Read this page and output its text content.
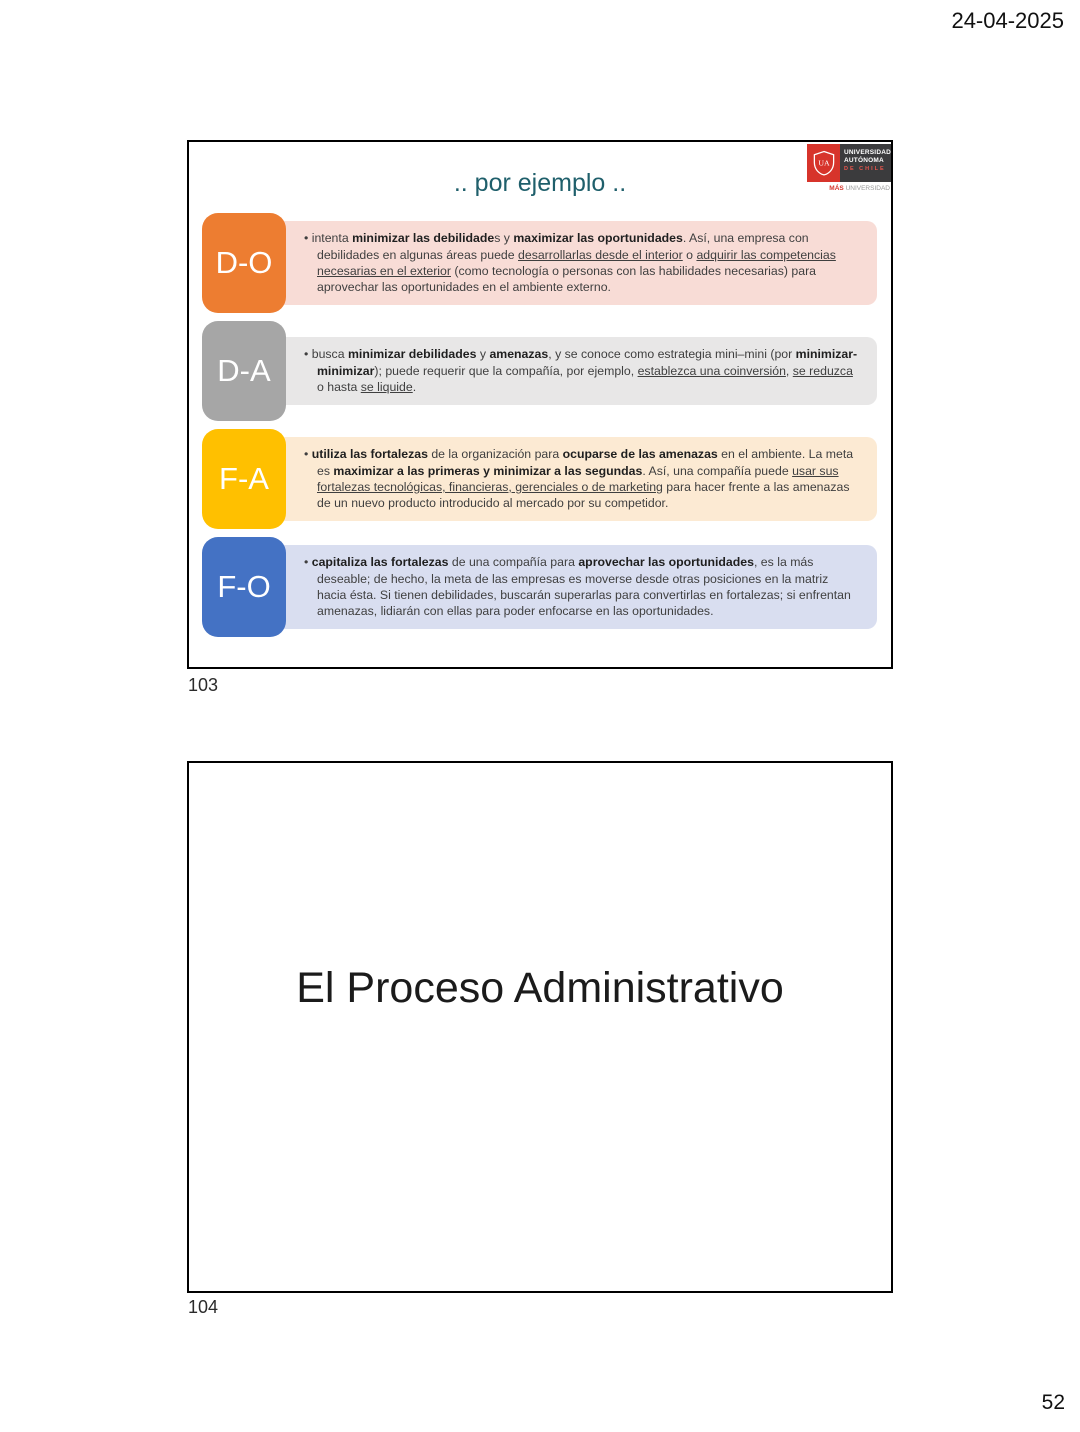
24-04-2025
.. por ejemplo ..
UA
UNIVERSIDAD
AUTÓNOMA
DE CHILE
MÁS UNIVERSIDAD
D-O

• intenta minimizar las debilidades y maximizar las oportunidades. Así, una empresa con debilidades en algunas áreas puede desarrollarlas desde el interior o adquirir las competencias necesarias en el exterior (como tecnología o personas con las habilidades necesarias) para aprovechar las oportunidades en el ambiente externo.

D-A	• busca minimizar debilidades y amenazas, y se conoce como estrategia mini–mini (por minimizar-minimizar); puede requerir que la compañía, por ejemplo, establezca una coinversión, se reduzca o hasta se liquide.

F-A

• utiliza las fortalezas de la organización para ocuparse de las amenazas en el ambiente. La meta es maximizar a las primeras y minimizar a las segundas. Así, una compañía puede usar sus fortalezas tecnológicas, financieras, gerenciales o de marketing para hacer frente a las amenazas de un nuevo producto introducido al mercado por su competidor.

F-O

• capitaliza las fortalezas de una compañía para aprovechar las oportunidades, es la más deseable; de hecho, la meta de las empresas es moverse desde otras posiciones en la matriz hacia ésta. Si tienen debilidades, buscarán superarlas para convertirlas en fortalezas; si enfrentan amenazas, lidiarán con ellas para poder enfocarse en las oportunidades.

103
El Proceso Administrativo
104
52
